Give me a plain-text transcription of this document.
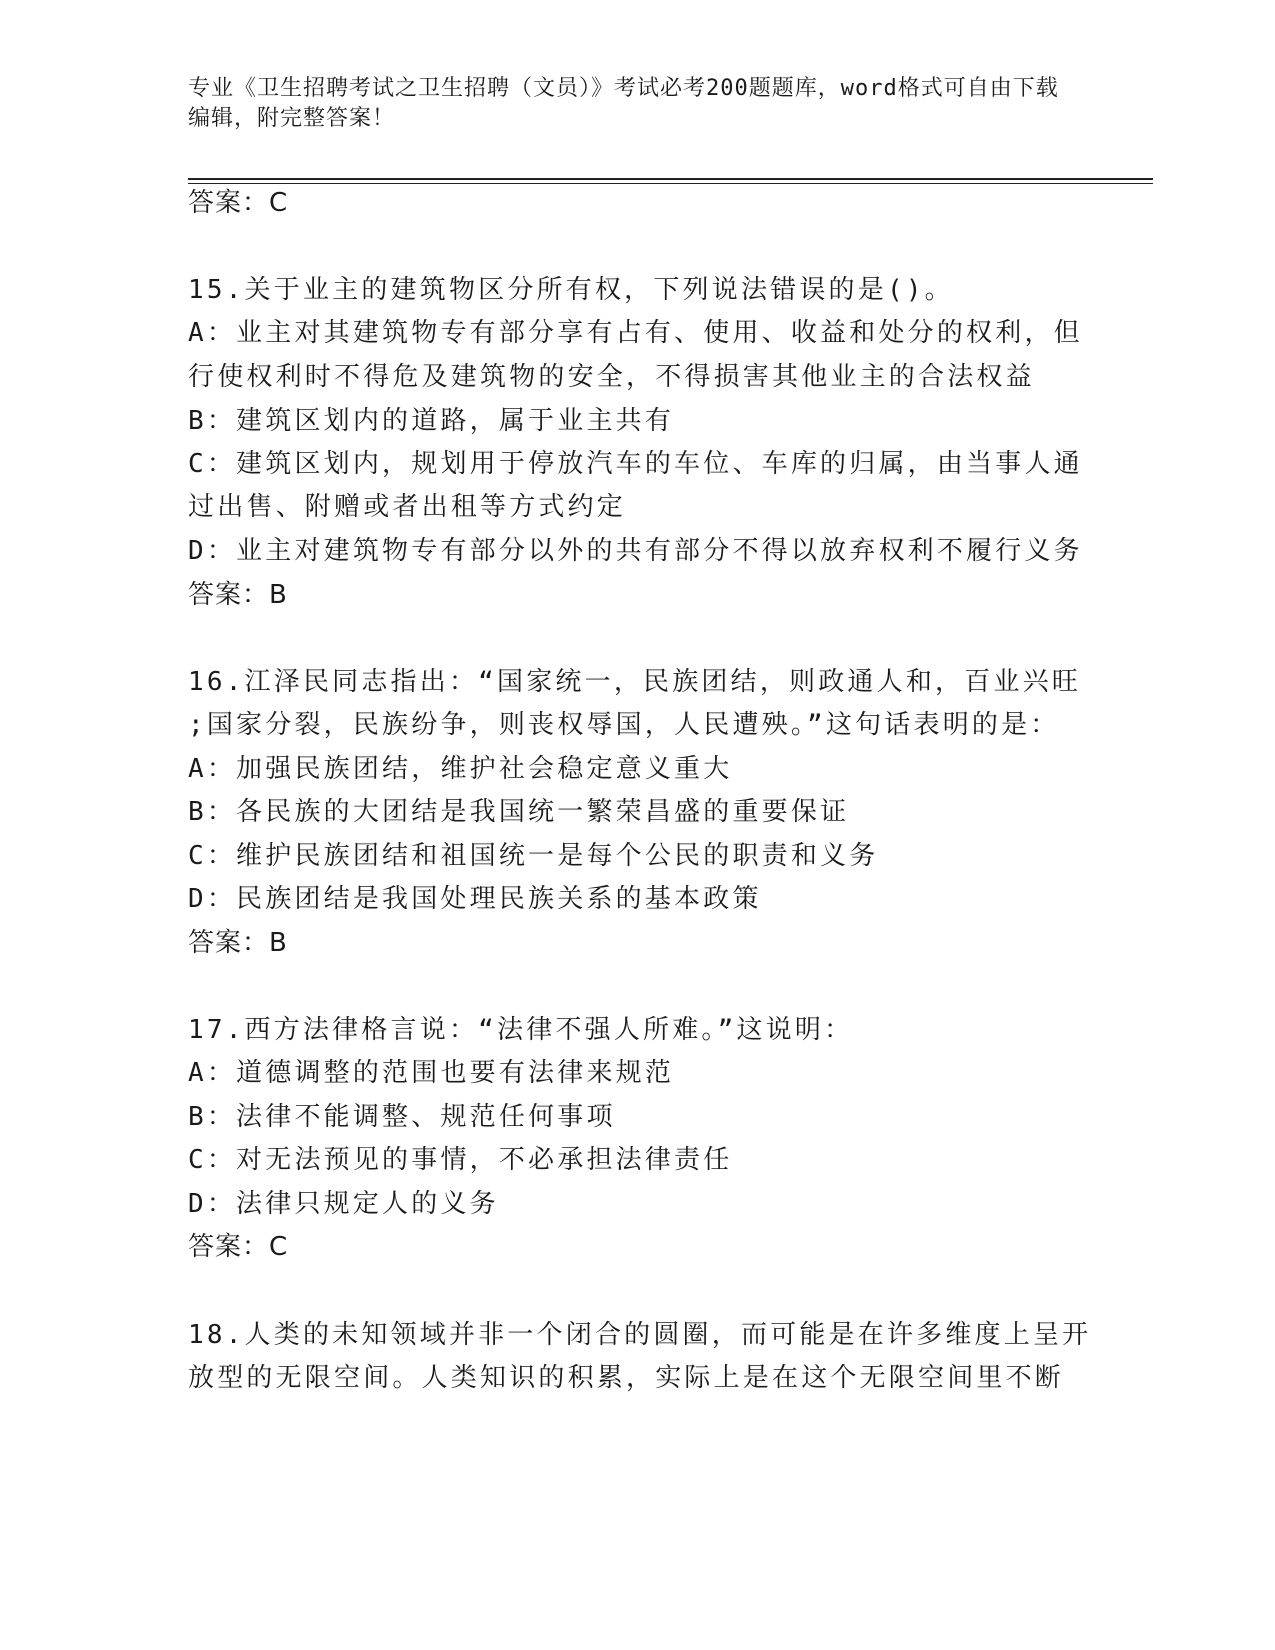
专业《卫生招聘考试之卫生招聘（文员）》考试必考200题题库，word格式可自由下载编辑，附完整答案！
答案：C
15.关于业主的建筑物区分所有权，下列说法错误的是()。
A：业主对其建筑物专有部分享有占有、使用、收益和处分的权利，但
行使权利时不得危及建筑物的安全，不得损害其他业主的合法权益
B：建筑区划内的道路，属于业主共有
C：建筑区划内，规划用于停放汽车的车位、车库的归属，由当事人通
过出售、附赠或者出租等方式约定
D：业主对建筑物专有部分以外的共有部分不得以放弃权利不履行义务
答案：B
16.江泽民同志指出：“国家统一，民族团结，则政通人和，百业兴旺
;国家分裂，民族纷争，则丧权辱国，人民遭殃。”这句话表明的是：
A：加强民族团结，维护社会稳定意义重大
B：各民族的大团结是我国统一繁荣昌盛的重要保证
C：维护民族团结和祖国统一是每个公民的职责和义务
D：民族团结是我国处理民族关系的基本政策
答案：B
17.西方法律格言说：“法律不强人所难。”这说明：
A：道德调整的范围也要有法律来规范
B：法律不能调整、规范任何事项
C：对无法预见的事情，不必承担法律责任
D：法律只规定人的义务
答案：C
18.人类的未知领域并非一个闭合的圆圈，而可能是在许多维度上呈开
放型的无限空间。人类知识的积累，实际上是在这个无限空间里不断
